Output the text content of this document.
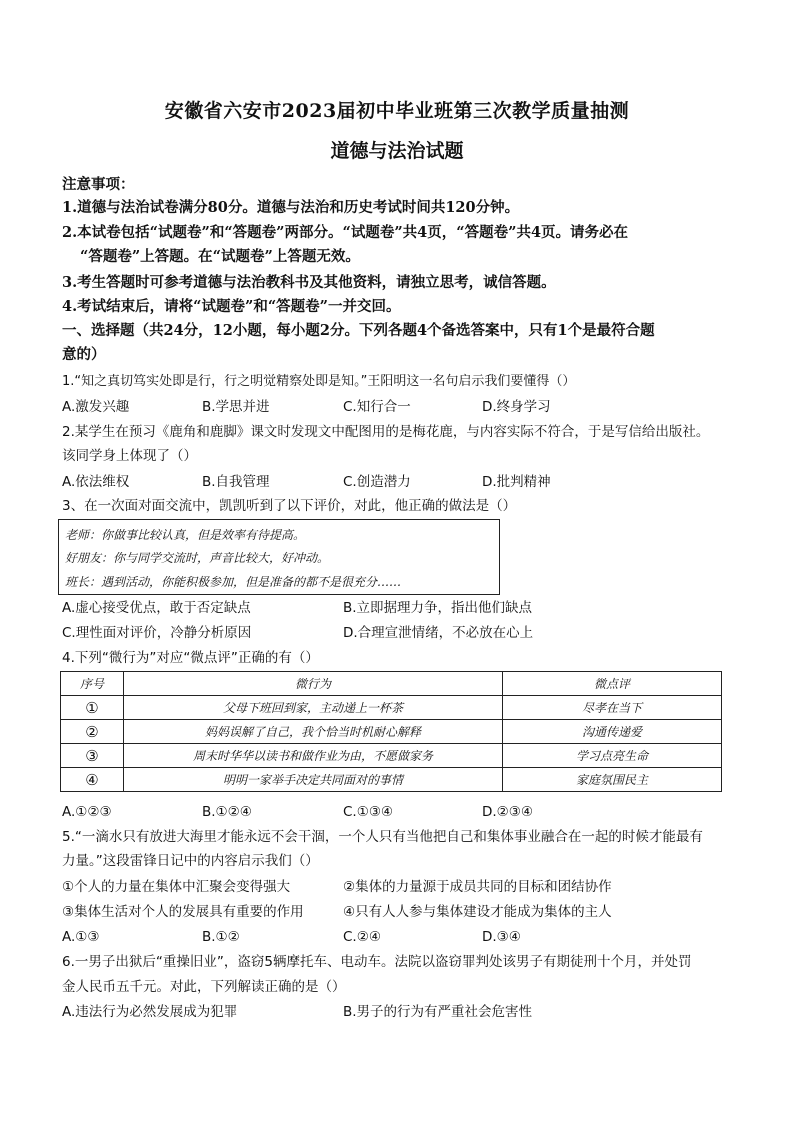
安徽省六安市2023届初中毕业班第三次教学质量抽测
道德与法治试题
注意事项：
1.道德与法治试卷满分80分。道德与法治和历史考试时间共120分钟。
2.本试卷包括“试题卷”和“答题卷”两部分。“试题卷”共4页，“答题卷”共4页。请务必在
“答题卷”上答题。在“试题卷”上答题无效。
3.考生答题时可参考道德与法治教科书及其他资料，请独立思考，诚信答题。
4.考试结束后，请将“试题卷”和“答题卷”一并交回。
一、选择题（共24分，12小题，每小题2分。下列各题4个备选答案中，只有1个是最符合题
意的）
1.“知之真切笃实处即是行，行之明觉精察处即是知。”王阳明这一名句启示我们要懂得（）
A.激发兴趣	B.学思并进	C.知行合一	D.终身学习
2.某学生在预习《鹿角和鹿脚》课文时发现文中配图用的是梅花鹿，与内容实际不符合，于是写信给出版社。
该同学身上体现了（）
A.依法维权	B.自我管理	C.创造潜力	D.批判精神
3、在一次面对面交流中，凯凯听到了以下评价，对此，他正确的做法是（）
老师：你做事比较认真，但是效率有待提高。
好朋友：你与同学交流时，声音比较大，好冲动。
班长：遇到活动，你能积极参加，但是准备的都不是很充分……
A.虚心接受优点，敢于否定缺点	B.立即据理力争，指出他们缺点
C.理性面对评价，冷静分析原因	D.合理宣泄情绪，不必放在心上
4.下列“微行为”对应“微点评”正确的有（）
序号	微行为	微点评
①	父母下班回到家，主动递上一杯茶	尽孝在当下
②	妈妈误解了自己，我个恰当时机耐心解释	沟通传递爱
③	周末时华华以读书和做作业为由，不愿做家务	学习点亮生命
④	明明一家举手决定共同面对的事情	家庭氛围民主
A.①②③	B.①②④	C.①③④	D.②③④
5.“一滴水只有放进大海里才能永远不会干涸，一个人只有当他把自己和集体事业融合在一起的时候才能最有
力量。”这段雷锋日记中的内容启示我们（）
①个人的力量在集体中汇聚会变得强大	②集体的力量源于成员共同的目标和团结协作
③集体生活对个人的发展具有重要的作用	④只有人人参与集体建设才能成为集体的主人
A.①③	B.①②	C.②④	D.③④
6.一男子出狱后“重操旧业”，盗窃5辆摩托车、电动车。法院以盗窃罪判处该男子有期徒刑十个月，并处罚
金人民币五千元。对此，下列解读正确的是（）
A.违法行为必然发展成为犯罪	B.男子的行为有严重社会危害性
